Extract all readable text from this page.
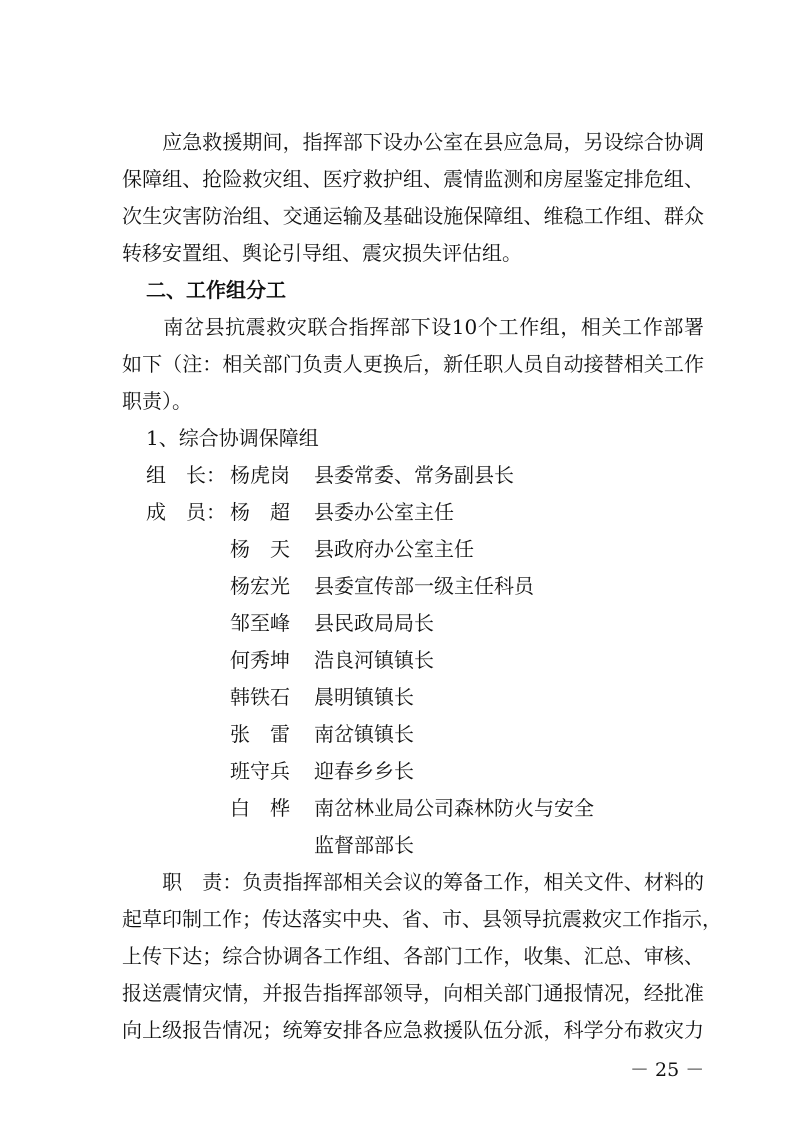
　　应急救援期间，指挥部下设办公室在县应急局，另设综合协调
保障组、抢险救灾组、医疗救护组、震情监测和房屋鉴定排危组、
次生灾害防治组、交通运输及基础设施保障组、维稳工作组、群众
转移安置组、舆论引导组、震灾损失评估组。
二、工作组分工
　　南岔县抗震救灾联合指挥部下设10个工作组，相关工作部署
如下（注：相关部门负责人更换后，新任职人员自动接替相关工作
职责）。
1、综合协调保障组
组　长： 杨虎岗 县委常委、常务副县长
成　员： 杨　超 县委办公室主任
杨　天 县政府办公室主任
杨宏光 县委宣传部一级主任科员
邹至峰 县民政局局长
何秀坤 浩良河镇镇长
韩铁石 晨明镇镇长
张　雷 南岔镇镇长
班守兵 迎春乡乡长
白　桦 南岔林业局公司森林防火与安全
监督部部长
　　职　责：负责指挥部相关会议的筹备工作，相关文件、材料的
起草印制工作；传达落实中央、省、市、县领导抗震救灾工作指示，
上传下达；综合协调各工作组、各部门工作，收集、汇总、审核、
报送震情灾情，并报告指挥部领导，向相关部门通报情况，经批准
向上级报告情况；统筹安排各应急救援队伍分派，科学分布救灾力
－ 25 －
